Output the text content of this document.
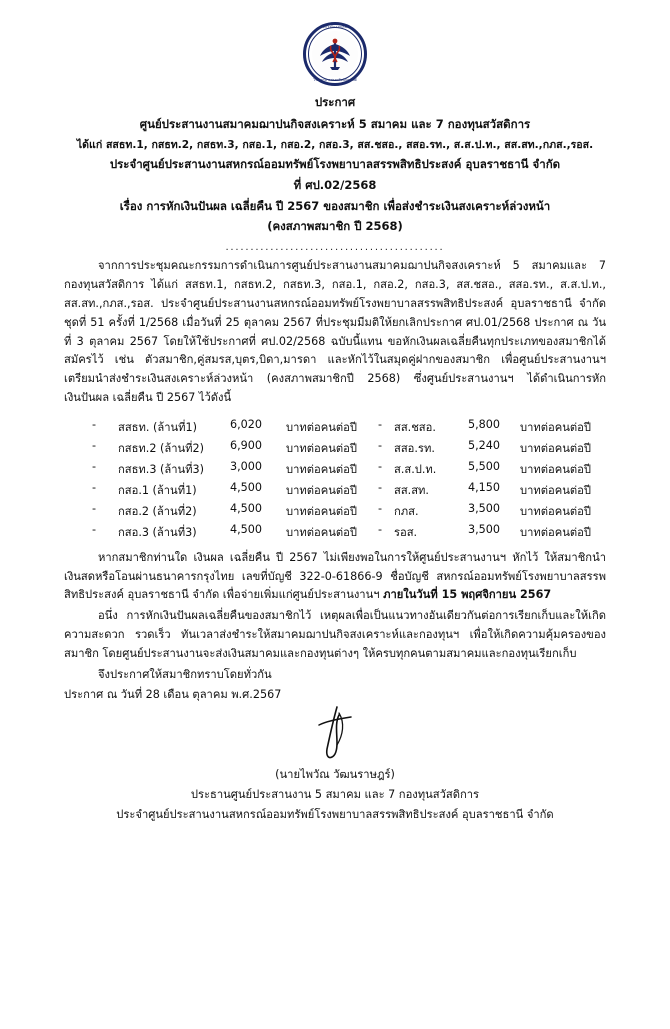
สหกรณ์ออมทรัพย์
โรงพยาบาลสรรพสิทธิประสงค์
ประกาศ
ศูนย์ประสานงานสมาคมฌาปนกิจสงเคราะห์ 5 สมาคม และ 7 กองทุนสวัสดิการ
ได้แก่ สสธท.1, กสธท.2, กสธท.3, กสอ.1, กสอ.2, กสอ.3, สส.ชสอ., สสอ.รท., ส.ส.ป.ท., สส.สท.,กภส.,รอส.
ประจำศูนย์ประสานงานสหกรณ์ออมทรัพย์โรงพยาบาลสรรพสิทธิประสงค์ อุบลราชธานี จำกัด
ที่ ศป.02/2568
เรื่อง การหักเงินปันผล เฉลี่ยคืน ปี 2567 ของสมาชิก เพื่อส่งชำระเงินสงเคราะห์ล่วงหน้า
(คงสภาพสมาชิก ปี 2568)
............................................

จากการประชุมคณะกรรมการดำเนินการศูนย์ประสานงานสมาคมฌาปนกิจสงเคราะห์ 5 สมาคมและ 7 กองทุนสวัสดิการ ได้แก่ สสธท.1, กสธท.2, กสธท.3, กสอ.1, กสอ.2, กสอ.3, สส.ชสอ., สสอ.รท., ส.ส.ป.ท., สส.สท.,กภส.,รอส. ประจำศูนย์ประสานงานสหกรณ์ออมทรัพย์โรงพยาบาลสรรพสิทธิประสงค์ อุบลราชธานี จำกัด ชุดที่ 51 ครั้งที่ 1/2568 เมื่อวันที่ 25 ตุลาคม 2567 ที่ประชุมมีมติให้ยกเลิกประกาศ ศป.01/2568 ประกาศ ณ วันที่ 3 ตุลาคม 2567 โดยให้ใช้ประกาศที่ ศป.02/2568 ฉบับนี้แทน ขอหักเงินผลเฉลี่ยคืนทุกประเภทของสมาชิกได้สมัครไว้ เช่น ตัวสมาชิก,คู่สมรส,บุตร,บิดา,มารดา และหักไว้ในสมุดคู่ฝากของสมาชิก เพื่อศูนย์ประสานงานฯ เตรียมนำส่งชำระเงินสงเคราะห์ล่วงหน้า (คงสภาพสมาชิกปี 2568) ซึ่งศูนย์ประสานงานฯ ได้ดำเนินการหักเงินปันผล เฉลี่ยคืน ปี 2567 ไว้ดังนี้

-	สสธท. (ล้านที่1)	6,020	บาทต่อคนต่อปี	-	สส.ชสอ.	5,800	บาทต่อคนต่อปี
-	กสธท.2 (ล้านที่2)	6,900	บาทต่อคนต่อปี	-	สสอ.รท.	5,240	บาทต่อคนต่อปี
-	กสธท.3 (ล้านที่3)	3,000	บาทต่อคนต่อปี	-	ส.ส.ป.ท.	5,500	บาทต่อคนต่อปี
-	กสอ.1 (ล้านที่1)	4,500	บาทต่อคนต่อปี	-	สส.สท.	4,150	บาทต่อคนต่อปี
-	กสอ.2 (ล้านที่2)	4,500	บาทต่อคนต่อปี	-	กภส.	3,500	บาทต่อคนต่อปี
-	กสอ.3 (ล้านที่3)	4,500	บาทต่อคนต่อปี	-	รอส.	3,500	บาทต่อคนต่อปี

หากสมาชิกท่านใด เงินผล เฉลี่ยคืน ปี 2567 ไม่เพียงพอในการให้ศูนย์ประสานงานฯ หักไว้ ให้สมาชิกนำเงินสดหรือโอนผ่านธนาคารกรุงไทย เลขที่บัญชี 322-0-61866-9 ชื่อบัญชี สหกรณ์ออมทรัพย์โรงพยาบาลสรรพสิทธิประสงค์ อุบลราชธานี จำกัด เพื่อจ่ายเพิ่มแก่ศูนย์ประสานงานฯ ภายในวันที่ 15 พฤศจิกายน 2567

อนึ่ง การหักเงินปันผลเฉลี่ยคืนของสมาชิกไว้ เหตุผลเพื่อเป็นแนวทางอันเดียวกันต่อการเรียกเก็บและให้เกิดความสะดวก รวดเร็ว ทันเวลาส่งชำระให้สมาคมฌาปนกิจสงเคราะห์และกองทุนฯ เพื่อให้เกิดความคุ้มครองของสมาชิก โดยศูนย์ประสานงานจะส่งเงินสมาคมและกองทุนต่างๆ ให้ครบทุกคนตามสมาคมและกองทุนเรียกเก็บ

จึงประกาศให้สมาชิกทราบโดยทั่วกัน

ประกาศ ณ วันที่ 28 เดือน ตุลาคม พ.ศ.2567

(นายไพวัณ วัฒนราษฎร์)

ประธานศูนย์ประสานงาน 5 สมาคม และ 7 กองทุนสวัสดิการ

ประจำศูนย์ประสานงานสหกรณ์ออมทรัพย์โรงพยาบาลสรรพสิทธิประสงค์ อุบลราชธานี จำกัด
